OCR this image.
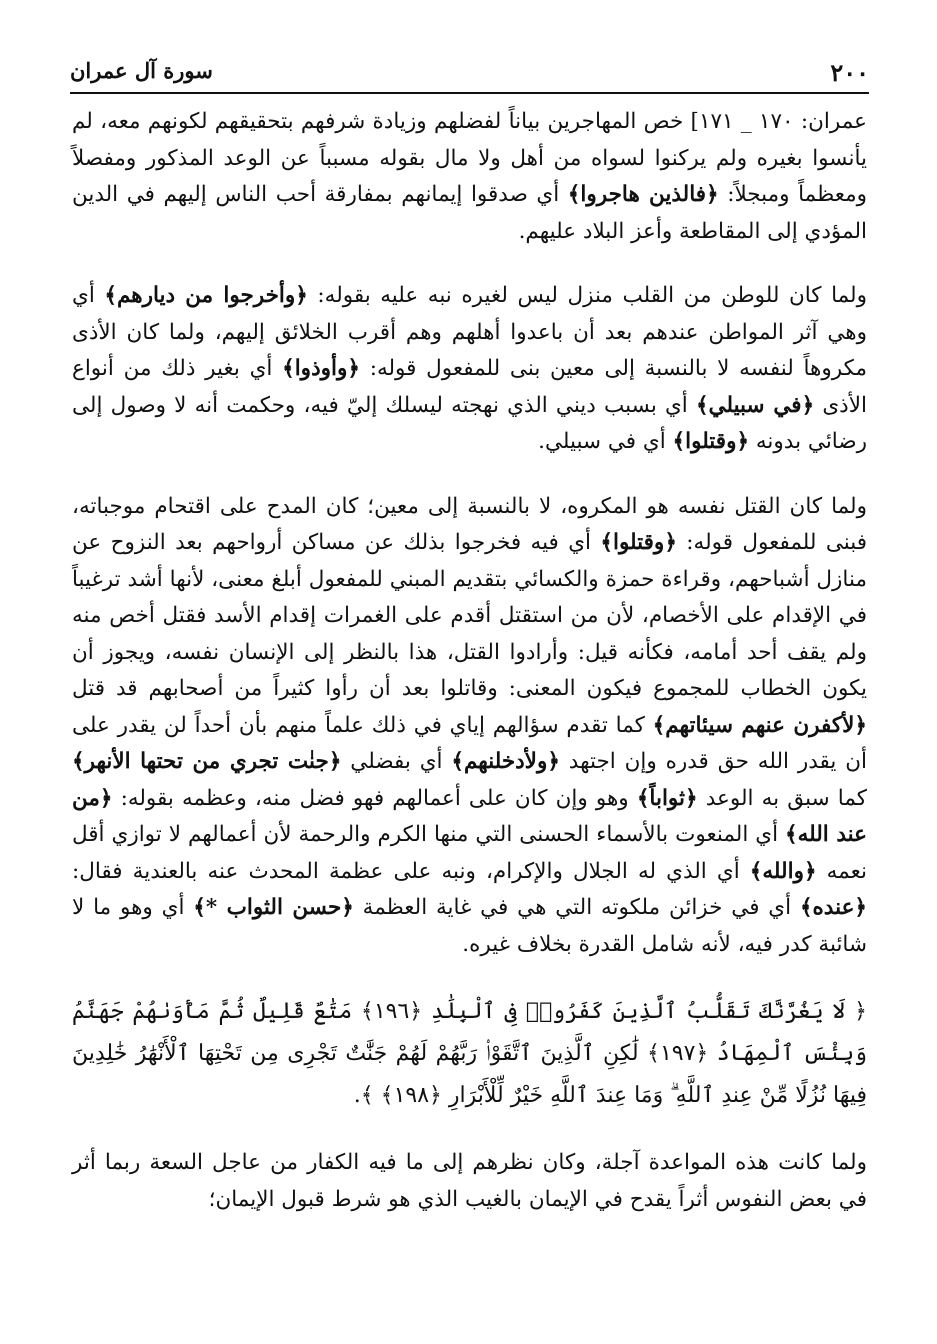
٢٠٠
سورة آل عمران

عمران: ١٧٠ _ ١٧١] خص المهاجرين بياناً لفضلهم وزيادة شرفهم بتحقيقهم لكونهم معه، لم يأنسوا بغيره ولم يركنوا لسواه من أهل ولا مال بقوله مسبباً عن الوعد المذكور ومفصلاً ومعظماً ومبجلاً: ﴿فالذين هاجروا﴾ أي صدقوا إيمانهم بمفارقة أحب الناس إليهم في الدين المؤدي إلى المقاطعة وأعز البلاد عليهم.

ولما كان للوطن من القلب منزل ليس لغيره نبه عليه بقوله: ﴿وأخرجوا من ديارهم﴾ أي وهي آثر المواطن عندهم بعد أن باعدوا أهلهم وهم أقرب الخلائق إليهم، ولما كان الأذى مكروهاً لنفسه لا بالنسبة إلى معين بنى للمفعول قوله: ﴿وأوذوا﴾ أي بغير ذلك من أنواع الأذى ﴿في سبيلي﴾ أي بسبب ديني الذي نهجته ليسلك إليّ فيه، وحكمت أنه لا وصول إلى رضائي بدونه ﴿وقتلوا﴾ أي في سبيلي.

ولما كان القتل نفسه هو المكروه، لا بالنسبة إلى معين؛ كان المدح على اقتحام موجباته، فبنى للمفعول قوله: ﴿وقتلوا﴾ أي فيه فخرجوا بذلك عن مساكن أرواحهم بعد النزوح عن منازل أشباحهم، وقراءة حمزة والكسائي بتقديم المبني للمفعول أبلغ معنى، لأنها أشد ترغيباً في الإقدام على الأخصام، لأن من استقتل أقدم على الغمرات إقدام الأسد فقتل أخص منه ولم يقف أحد أمامه، فكأنه قيل: وأرادوا القتل، هذا بالنظر إلى الإنسان نفسه، ويجوز أن يكون الخطاب للمجموع فيكون المعنى: وقاتلوا بعد أن رأوا كثيراً من أصحابهم قد قتل ﴿لأكفرن عنهم سيئاتهم﴾ كما تقدم سؤالهم إياي في ذلك علماً منهم بأن أحداً لن يقدر على أن يقدر الله حق قدره وإن اجتهد ﴿ولأدخلنهم﴾ أي بفضلي ﴿جنٰت تجري من تحتها الأنهر﴾ كما سبق به الوعد ﴿ثواباً﴾ وهو وإن كان على أعمالهم فهو فضل منه، وعظمه بقوله: ﴿من عند الله﴾ أي المنعوت بالأسماء الحسنى التي منها الكرم والرحمة لأن أعمالهم لا توازي أقل نعمه ﴿والله﴾ أي الذي له الجلال والإكرام، ونبه على عظمة المحدث عنه بالعندية فقال: ﴿عنده﴾ أي في خزائن ملكوته التي هي في غاية العظمة ﴿حسن الثواب *﴾ أي وهو ما لا شائبة كدر فيه، لأنه شامل القدرة بخلاف غيره.

﴿ لَا يَغُرَّنَّكَ تَقَلُّبُ ٱلَّذِينَ كَفَرُوا۟ فِى ٱلْبِلَٰدِ ﴿١٩٦﴾ مَتَٰعٌ قَلِيلٌ ثُمَّ مَأْوَىٰهُمْ جَهَنَّمُ وَبِئْسَ ٱلْمِهَادُ ﴿١٩٧﴾ لَٰكِنِ ٱلَّذِينَ ٱتَّقَوْا۟ رَبَّهُمْ لَهُمْ جَنَّٰتٌ تَجْرِى مِن تَحْتِهَا ٱلْأَنْهَٰرُ خَٰلِدِينَ فِيهَا نُزُلًا مِّنْ عِندِ ٱللَّهِ ۗ وَمَا عِندَ ٱللَّهِ خَيْرٌ لِّلْأَبْرَارِ ﴿١٩٨﴾ ﴾.

ولما كانت هذه المواعدة آجلة، وكان نظرهم إلى ما فيه الكفار من عاجل السعة ربما أثر في بعض النفوس أثراً يقدح في الإيمان بالغيب الذي هو شرط قبول الإيمان؛
